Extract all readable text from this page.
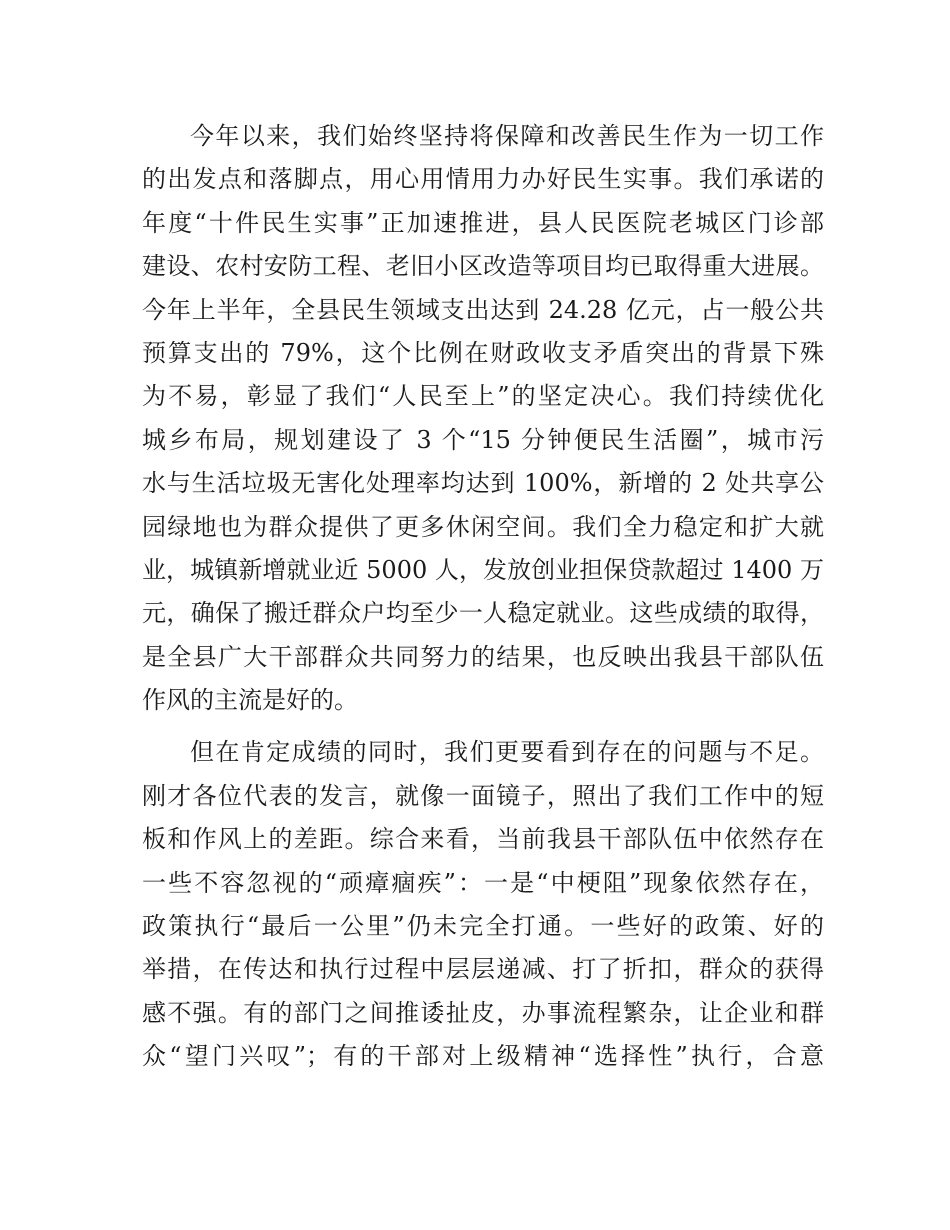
今年以来，我们始终坚持将保障和改善民生作为一切工作
的出发点和落脚点，用心用情用力办好民生实事。我们承诺的
年度“十件民生实事”正加速推进，县人民医院老城区门诊部
建设、农村安防工程、老旧小区改造等项目均已取得重大进展。
今年上半年，全县民生领域支出达到 24.28 亿元，占一般公共
预算支出的 79%，这个比例在财政收支矛盾突出的背景下殊
为不易，彰显了我们“人民至上”的坚定决心。我们持续优化
城乡布局，规划建设了 3 个“15 分钟便民生活圈”，城市污
水与生活垃圾无害化处理率均达到 100%，新增的 2 处共享公
园绿地也为群众提供了更多休闲空间。我们全力稳定和扩大就
业，城镇新增就业近 5000 人，发放创业担保贷款超过 1400 万
元，确保了搬迁群众户均至少一人稳定就业。这些成绩的取得，
是全县广大干部群众共同努力的结果，也反映出我县干部队伍
作风的主流是好的。
但在肯定成绩的同时，我们更要看到存在的问题与不足。
刚才各位代表的发言，就像一面镜子，照出了我们工作中的短
板和作风上的差距。综合来看，当前我县干部队伍中依然存在
一些不容忽视的“顽瘴痼疾”：一是“中梗阻”现象依然存在，
政策执行“最后一公里”仍未完全打通。一些好的政策、好的
举措，在传达和执行过程中层层递减、打了折扣，群众的获得
感不强。有的部门之间推诿扯皮，办事流程繁杂，让企业和群
众“望门兴叹”；有的干部对上级精神“选择性”执行，合意
